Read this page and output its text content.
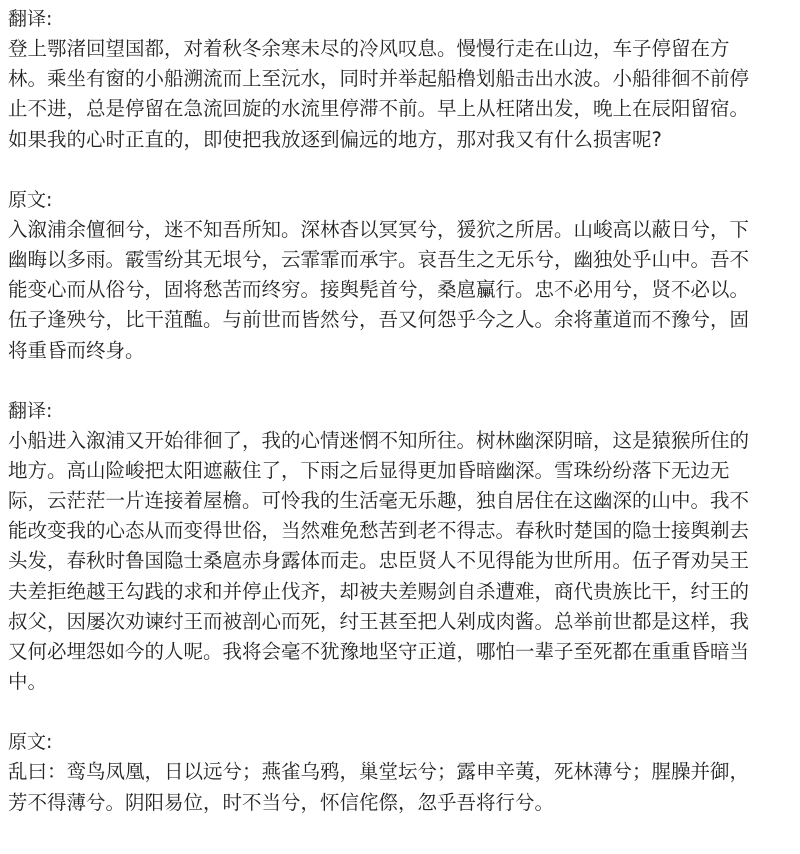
翻译:
登上鄂渚回望国都，对着秋冬余寒未尽的冷风叹息。慢慢行走在山边，车子停留在方
林。乘坐有窗的小船溯流而上至沅水，同时并举起船橹划船击出水波。小船徘徊不前停
止不进，总是停留在急流回旋的水流里停滞不前。早上从枉陼出发，晚上在辰阳留宿。
如果我的心时正直的，即使把我放逐到偏远的地方，那对我又有什么损害呢?
原文:
入溆浦余儃徊兮，迷不知吾所知。深林杳以冥冥兮，猨狖之所居。山峻高以蔽日兮，下
幽晦以多雨。霰雪纷其无垠兮，云霏霏而承宇。哀吾生之无乐兮，幽独处乎山中。吾不
能变心而从俗兮，固将愁苦而终穷。接舆髡首兮，桑扈臝行。忠不必用兮，贤不必以。
伍子逢殃兮，比干菹醢。与前世而皆然兮，吾又何怨乎今之人。余将董道而不豫兮，固
将重昏而终身。
翻译:
小船进入溆浦又开始徘徊了，我的心情迷惘不知所往。树林幽深阴暗，这是猿猴所住的
地方。高山险峻把太阳遮蔽住了，下雨之后显得更加昏暗幽深。雪珠纷纷落下无边无
际，云茫茫一片连接着屋檐。可怜我的生活毫无乐趣，独自居住在这幽深的山中。我不
能改变我的心态从而变得世俗，当然难免愁苦到老不得志。春秋时楚国的隐士接舆剃去
头发，春秋时鲁国隐士桑扈赤身露体而走。忠臣贤人不见得能为世所用。伍子胥劝吴王
夫差拒绝越王勾践的求和并停止伐齐，却被夫差赐剑自杀遭难，商代贵族比干，纣王的
叔父，因屡次劝谏纣王而被剖心而死，纣王甚至把人剁成肉酱。总举前世都是这样，我
又何必埋怨如今的人呢。我将会毫不犹豫地坚守正道，哪怕一辈子至死都在重重昏暗当
中。
原文:
乱曰：鸾鸟凤凰，日以远兮；燕雀乌鸦，巢堂坛兮；露申辛荑，死林薄兮；腥臊并御，
芳不得薄兮。阴阳易位，时不当兮，怀信侘傺，忽乎吾将行兮。
